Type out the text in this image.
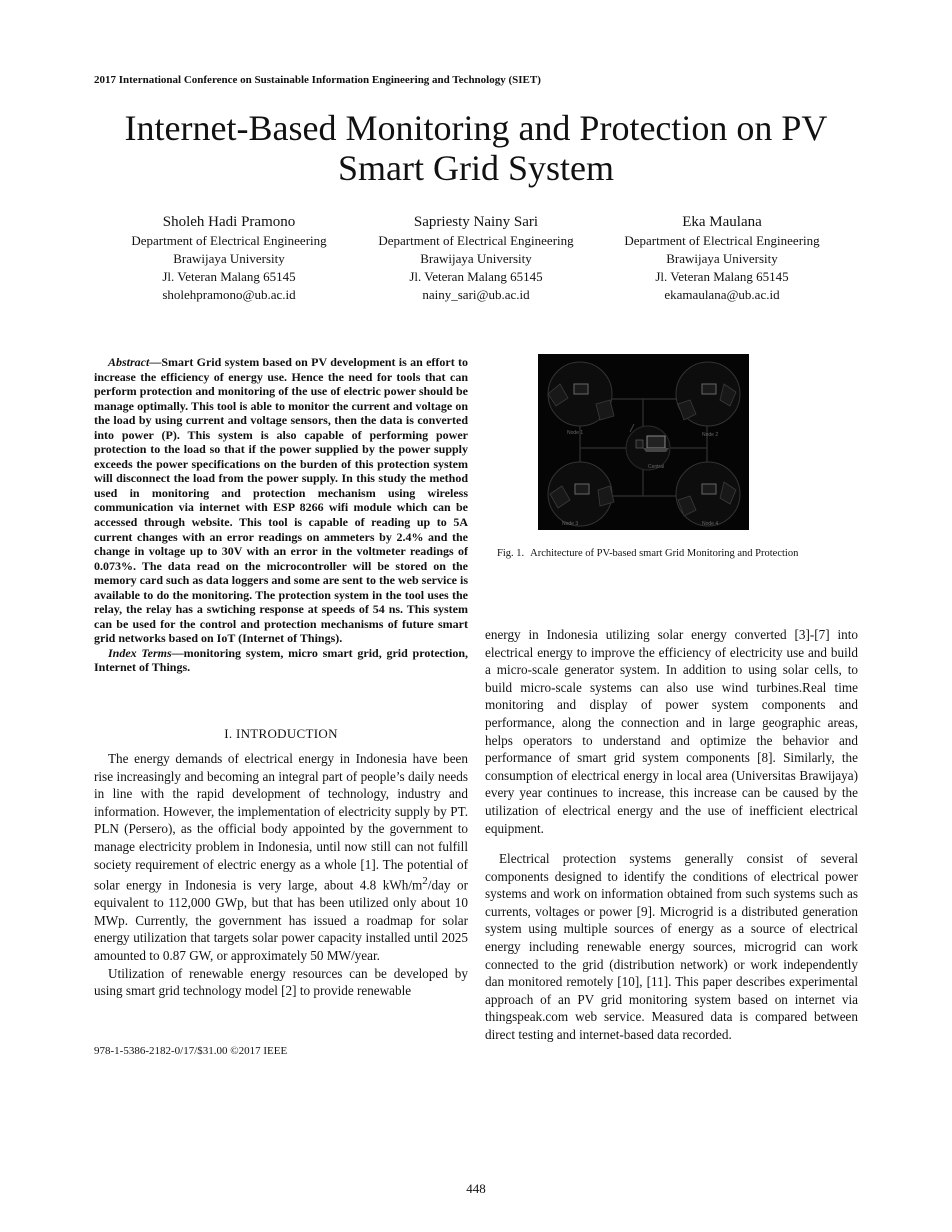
2017 International Conference on Sustainable Information Engineering and Technology (SIET)
Internet-Based Monitoring and Protection on PV
Smart Grid System
Sholeh Hadi Pramono
Department of Electrical Engineering
Brawijaya University
Jl. Veteran Malang 65145
sholehpramono@ub.ac.id
Sapriesty Nainy Sari
Department of Electrical Engineering
Brawijaya University
Jl. Veteran Malang 65145
nainy_sari@ub.ac.id
Eka Maulana
Department of Electrical Engineering
Brawijaya University
Jl. Veteran Malang 65145
ekamaulana@ub.ac.id

Abstract—Smart Grid system based on PV development is an effort to increase the efficiency of energy use. Hence the need for tools that can perform protection and monitoring of the use of electric power should be manage optimally. This tool is able to monitor the current and voltage on the load by using current and voltage sensors, then the data is converted into power (P). This system is also capable of performing power protection to the load so that if the power supplied by the power supply exceeds the power specifications on the burden of this protection system will disconnect the load from the power supply. In this study the method used in monitoring and protection mechanism using wireless communication via internet with ESP 8266 wifi module which can be accessed through website. This tool is capable of reading up to 5A current changes with an error readings on ammeters by 2.4% and the change in voltage up to 30V with an error in the voltmeter readings of 0.073%. The data read on the microcontroller will be stored on the memory card such as data loggers and some are sent to the web service is available to do the monitoring. The protection system in the tool uses the relay, the relay has a swtiching response at speeds of 54 ns. This system can be used for the control and protection mechanisms of future smart grid networks based on IoT (Internet of Things).

Index Terms—monitoring system, micro smart grid, grid protection, Internet of Things.

I. INTRODUCTION

The energy demands of electrical energy in Indonesia have been rise increasingly and becoming an integral part of people’s daily needs in line with the rapid development of technology, industry and information. However, the implementation of electricity supply by PT. PLN (Persero), as the official body appointed by the government to manage electricity problem in Indonesia, until now still can not fulfill society requirement of electric energy as a whole [1]. The potential of solar energy in Indonesia is very large, about 4.8 kWh/$m^2$/day or equivalent to 112,000 GWp, but that has been utilized only about 10 MWp. Currently, the government has issued a roadmap for solar energy utilization that targets solar power capacity installed until 2025 amounted to 0.87 GW, or approximately 50 MW/year.

Utilization of renewable energy resources can be developed by using smart grid technology model [2] to provide renewable

Node 1	Node 2
Node 3	Node 4
Central
Fig. 1. Architecture of PV-based smart Grid Monitoring and Protection

energy in Indonesia utilizing solar energy converted [3]-[7] into electrical energy to improve the efficiency of electricity use and build a micro-scale generator system. In addition to using solar cells, to build micro-scale systems can also use wind turbines.Real time monitoring and display of power system components and performance, along the connection and in large geographic areas, helps operators to understand and optimize the behavior and performance of smart grid system components [8]. Similarly, the consumption of electrical energy in local area (Universitas Brawijaya) every year continues to increase, this increase can be caused by the utilization of electrical energy and the use of inefficient electrical equipment.

Electrical protection systems generally consist of several components designed to identify the conditions of electrical power systems and work on information obtained from such systems such as currents, voltages or power [9]. Microgrid is a distributed generation system using multiple sources of energy as a source of electrical energy including renewable energy sources, microgrid can work connected to the grid (distribution network) or work independently dan monitored remotely [10], [11]. This paper describes experimental approach of an PV grid monitoring system based on internet via thingspeak.com web service. Measured data is compared between direct testing and internet-based data recorded.

978-1-5386-2182-0/17/$31.00 ©2017 IEEE
448
